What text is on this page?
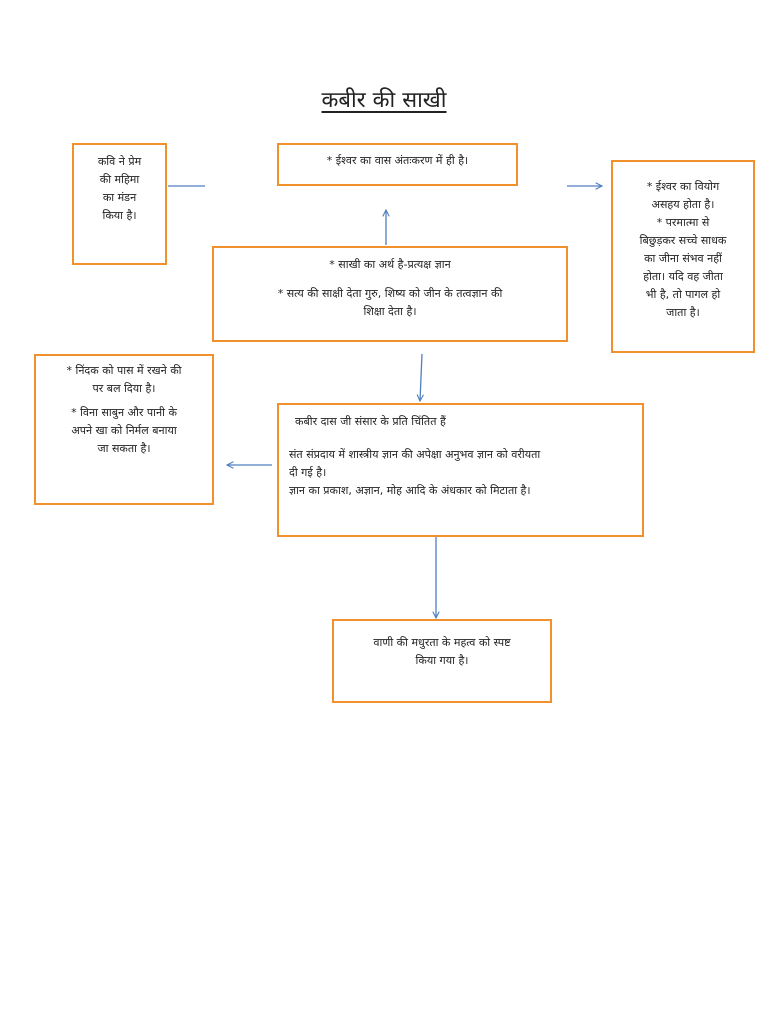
कबीर की साखी

कवि ने प्रेम

की महिमा

का मंडन

किया है।

* ईश्वर का वास अंतःकरण में ही है।

* ईश्वर का वियोग

असहय होता है।

* परमात्मा से

बिछुड़कर सच्चे साधक

का जीना संभव नहीं

होता। यदि वह जीता

भी है, तो पागल हो

जाता है।

* साखी का अर्थ है-प्रत्यक्ष ज्ञान

* सत्य की साक्षी देता गुरु, शिष्य को जीन के तत्वज्ञान की

शिक्षा देता है।

* निंदक को पास में रखने की

पर बल दिया है।

* विना साबुन और पानी के

अपने खा को निर्मल बनाया

जा सकता है।

कबीर दास जी संसार के प्रति चिंतित हैं

संत संप्रदाय में शास्त्रीय ज्ञान की अपेक्षा अनुभव ज्ञान को वरीयता

दी गई है।

ज्ञान का प्रकाश, अज्ञान, मोह आदि के अंधकार को मिटाता है।

वाणी की मधुरता के महत्व को स्पष्ट

किया गया है।
